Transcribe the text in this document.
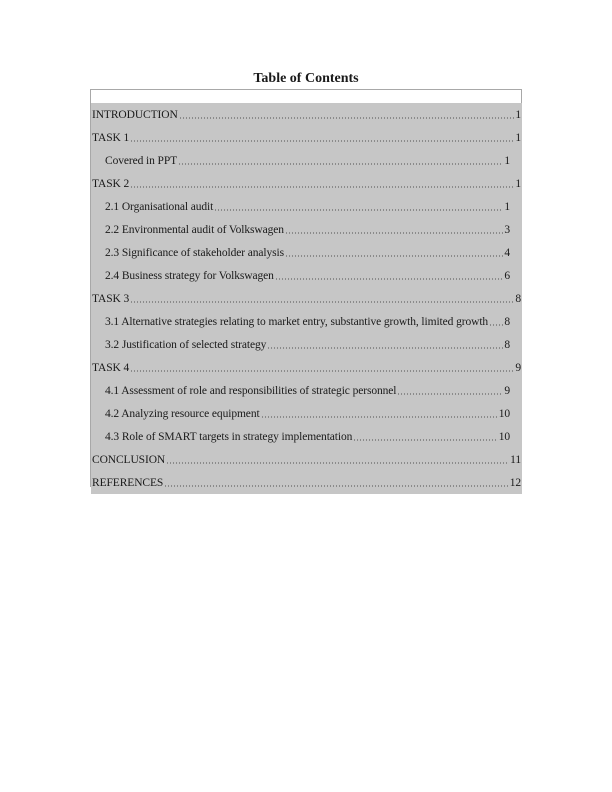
Table of Contents
INTRODUCTION	1
TASK 1	1
Covered in PPT	1
TASK 2	1
2.1 Organisational audit	1
2.2 Environmental audit of Volkswagen	3
2.3 Significance of stakeholder analysis	4
2.4 Business strategy for Volkswagen	6
TASK 3	8
3.1 Alternative strategies relating to market entry, substantive growth, limited growth 8
3.2 Justification of selected strategy	8
TASK 4	9
4.1 Assessment of role and responsibilities of strategic personnel	9
4.2 Analyzing resource equipment	10
4.3 Role of SMART targets in strategy implementation	10
CONCLUSION	11
REFERENCES	12
